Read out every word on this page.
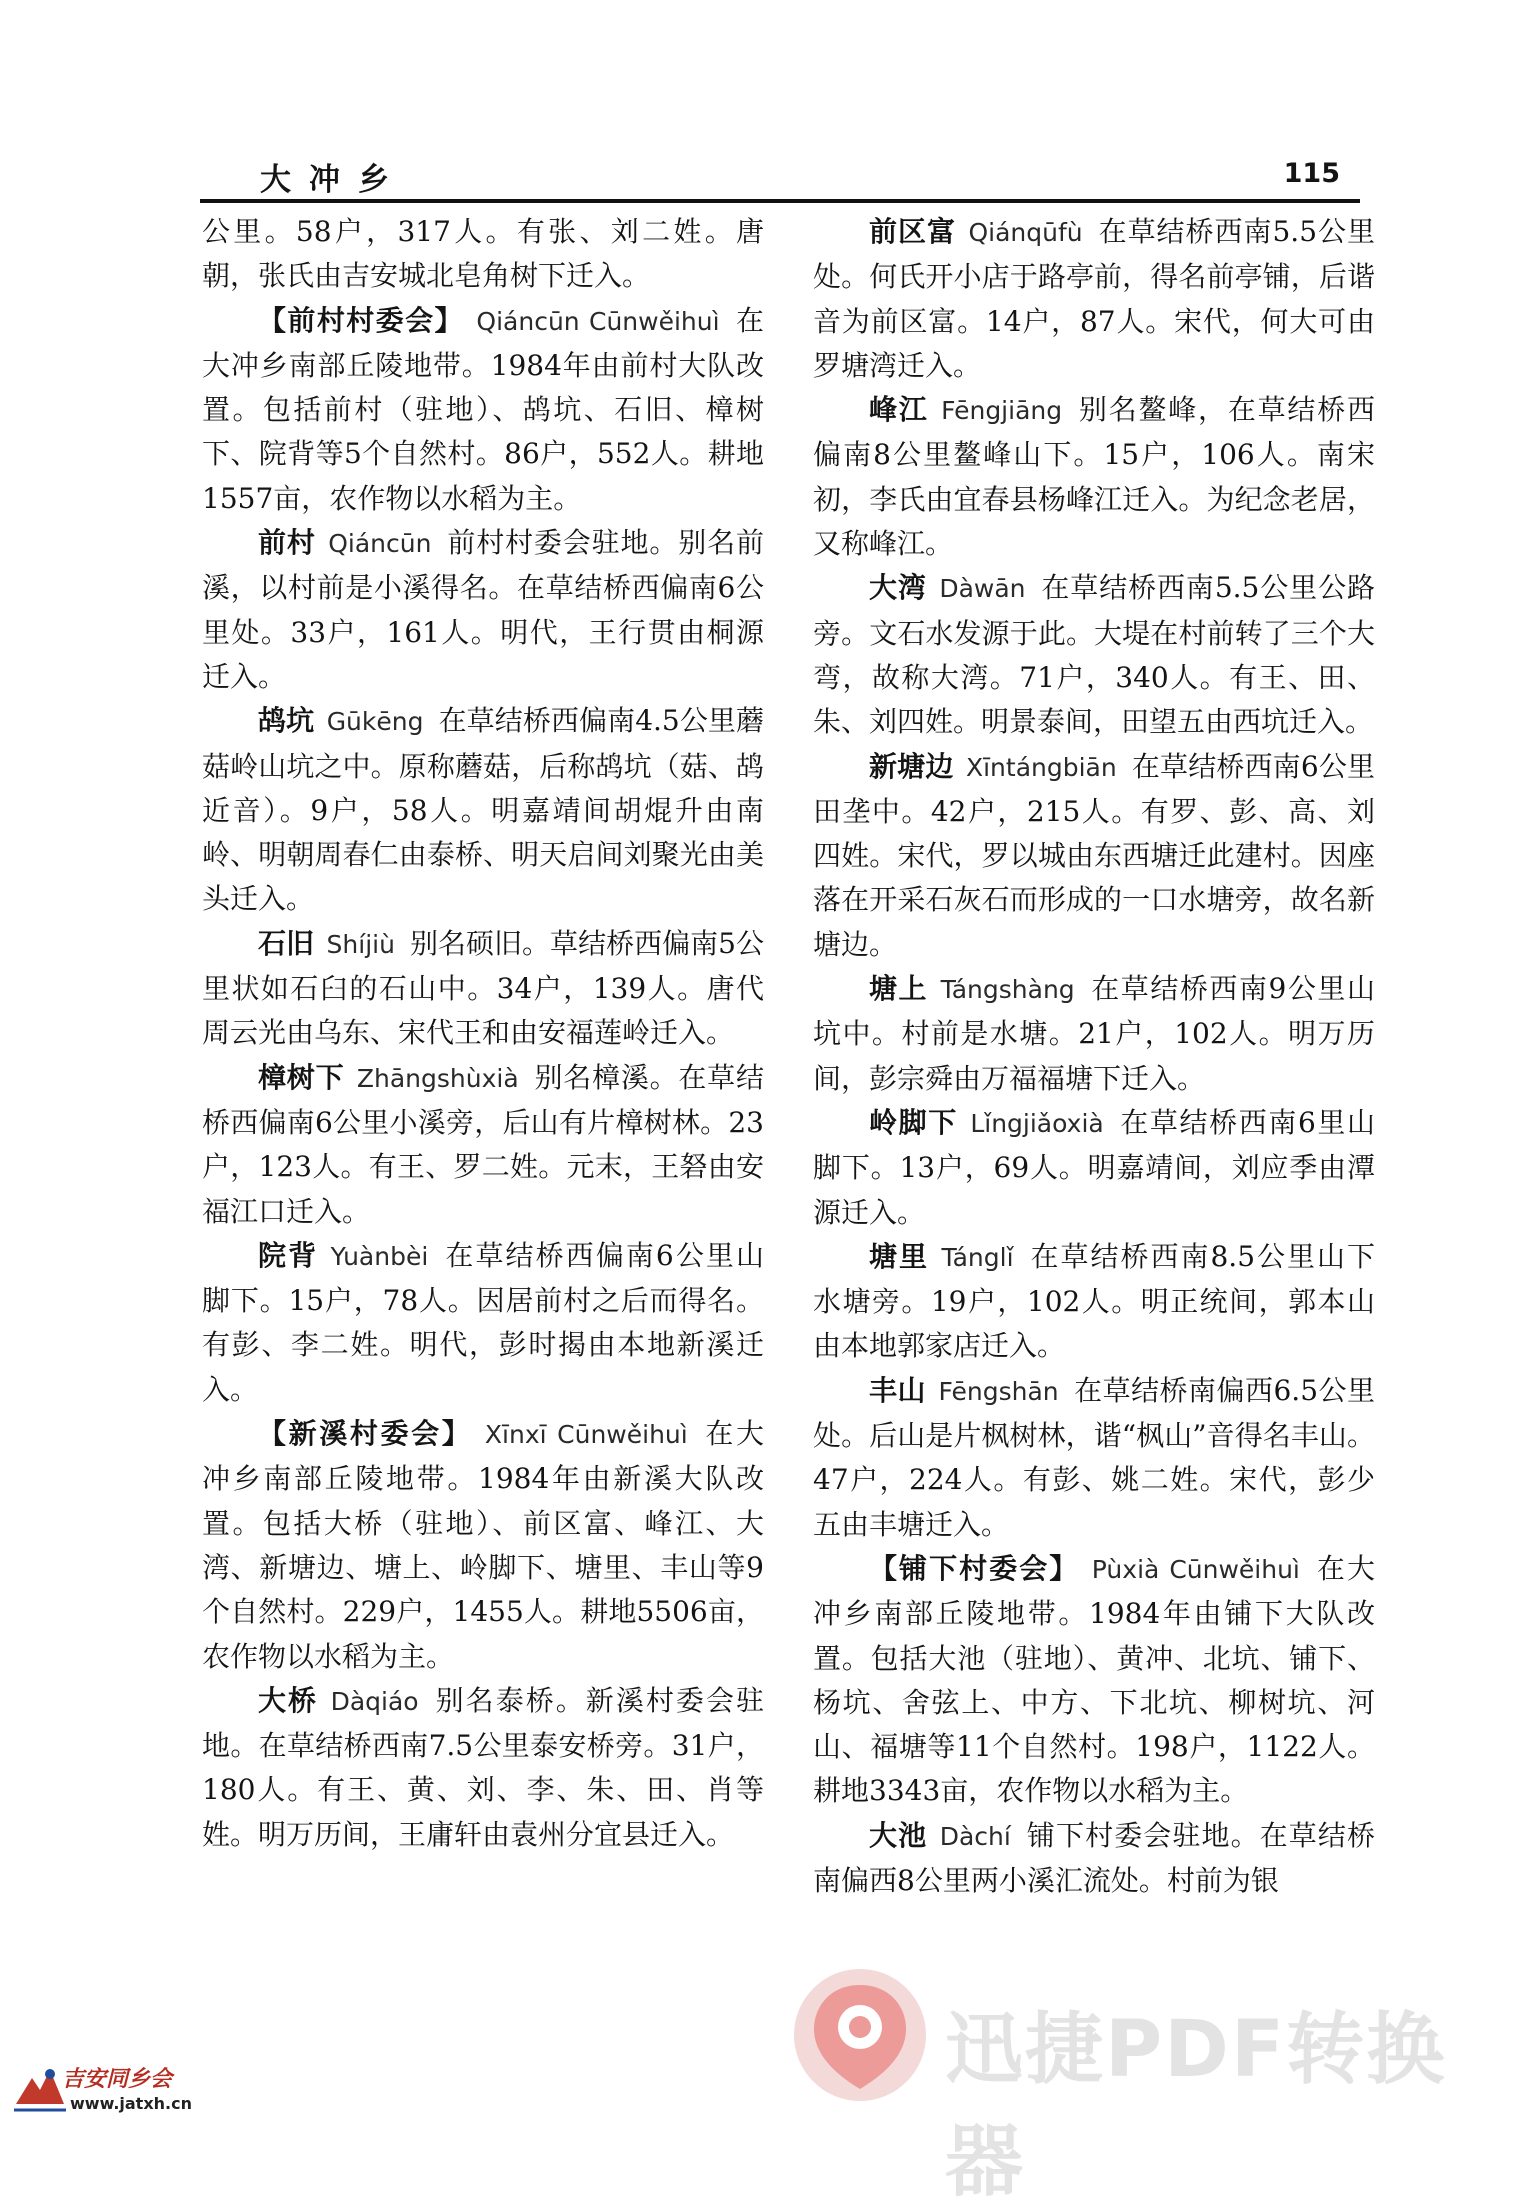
大冲乡	115

公里。58户，317人。有张、刘二姓。唐朝，张氏由吉安城北皂角树下迁入。

【前村村委会】 Qiáncūn Cūnwěihuì 在大冲乡南部丘陵地带。1984年由前村大队改置。包括前村（驻地）、鸪坑、石旧、樟树下、院背等5个自然村。86户，552人。耕地1557亩，农作物以水稻为主。

前村 Qiáncūn 前村村委会驻地。别名前溪，以村前是小溪得名。在草结桥西偏南6公里处。33户，161人。明代，王行贯由桐源迁入。

鸪坑 Gūkēng 在草结桥西偏南4.5公里蘑菇岭山坑之中。原称蘑菇，后称鸪坑（菇、鸪近音）。9户，58人。明嘉靖间胡焜升由南岭、明朝周春仁由泰桥、明天启间刘聚光由美头迁入。

石旧 Shíjiù 别名硕旧。草结桥西偏南5公里状如石臼的石山中。34户，139人。唐代周云光由乌东、宋代王和由安福莲岭迁入。

樟树下 Zhāngshùxià 别名樟溪。在草结桥西偏南6公里小溪旁，后山有片樟树林。23户，123人。有王、罗二姓。元末，王砮由安福江口迁入。

院背 Yuànbèi 在草结桥西偏南6公里山脚下。15户，78人。因居前村之后而得名。有彭、李二姓。明代，彭时揭由本地新溪迁入。

【新溪村委会】 Xīnxī Cūnwěihuì 在大冲乡南部丘陵地带。1984年由新溪大队改置。包括大桥（驻地）、前区富、峰江、大湾、新塘边、塘上、岭脚下、塘里、丰山等9个自然村。229户，1455人。耕地5506亩，农作物以水稻为主。

大桥 Dàqiáo 别名泰桥。新溪村委会驻地。在草结桥西南7.5公里泰安桥旁。31户，180人。有王、黄、刘、李、朱、田、肖等姓。明万历间，王庸轩由袁州分宜县迁入。

前区富 Qiánqūfù 在草结桥西南5.5公里处。何氏开小店于路亭前，得名前亭铺，后谐音为前区富。14户，87人。宋代，何大可由罗塘湾迁入。

峰江 Fēngjiāng 别名鳌峰，在草结桥西偏南8公里鳌峰山下。15户，106人。南宋初，李氏由宜春县杨峰江迁入。为纪念老居，又称峰江。

大湾 Dàwān 在草结桥西南5.5公里公路旁。文石水发源于此。大堤在村前转了三个大弯，故称大湾。71户，340人。有王、田、朱、刘四姓。明景泰间，田望五由西坑迁入。

新塘边 Xīntángbiān 在草结桥西南6公里田垄中。42户，215人。有罗、彭、高、刘四姓。宋代，罗以城由东西塘迁此建村。因座落在开采石灰石而形成的一口水塘旁，故名新塘边。

塘上 Tángshàng 在草结桥西南9公里山坑中。村前是水塘。21户，102人。明万历间，彭宗舜由万福福塘下迁入。

岭脚下 Lǐngjiǎoxià 在草结桥西南6里山脚下。13户，69人。明嘉靖间，刘应季由潭源迁入。

塘里 Tánglǐ 在草结桥西南8.5公里山下水塘旁。19户，102人。明正统间，郭本山由本地郭家店迁入。

丰山 Fēngshān 在草结桥南偏西6.5公里处。后山是片枫树林，谐“枫山”音得名丰山。47户，224人。有彭、姚二姓。宋代，彭少五由丰塘迁入。

【铺下村委会】 Pùxià Cūnwěihuì 在大冲乡南部丘陵地带。1984年由铺下大队改置。包括大池（驻地）、黄冲、北坑、铺下、杨坑、舍弦上、中方、下北坑、柳树坑、河山、福塘等11个自然村。198户，1122人。耕地3343亩，农作物以水稻为主。

大池 Dàchí 铺下村委会驻地。在草结桥南偏西8公里两小溪汇流处。村前为银

迅捷PDF转换器
吉安同乡会
www.jatxh.cn
